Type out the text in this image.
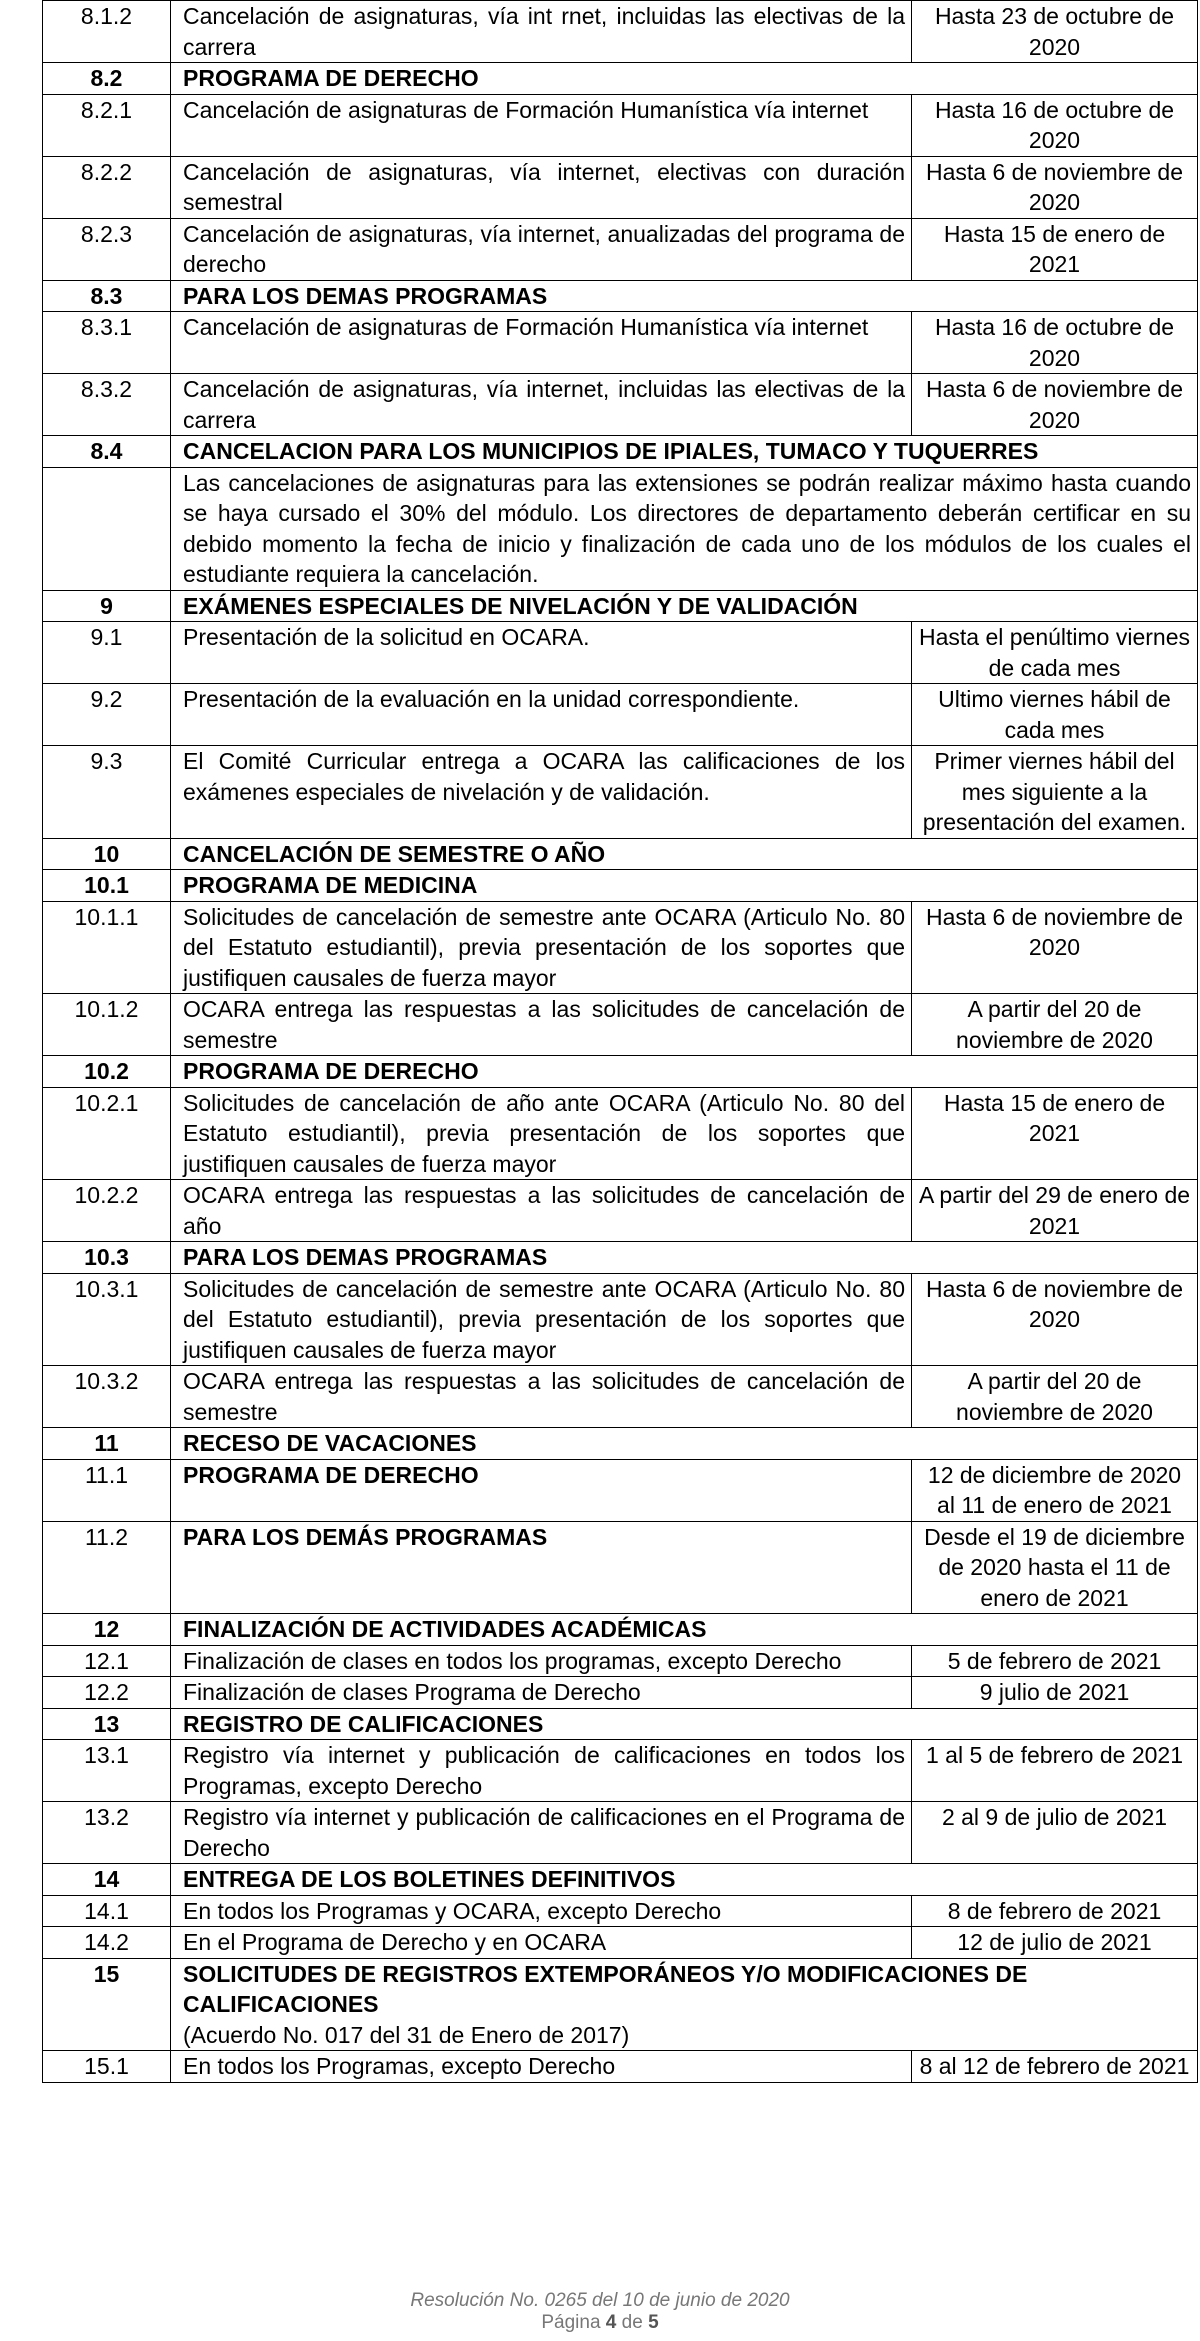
8.1.2	Cancelación de asignaturas, vía int rnet, incluidas las electivas de la carrera	Hasta 23 de octubre de 2020
8.2	PROGRAMA DE DERECHO	
8.2.1	Cancelación de asignaturas de Formación Humanística vía internet	Hasta 16 de octubre de 2020
8.2.2	Cancelación de asignaturas, vía internet, electivas con duración semestral	Hasta 6 de noviembre de 2020
8.2.3	Cancelación de asignaturas, vía internet, anualizadas del programa de derecho	Hasta 15 de enero de 2021
8.3	PARA LOS DEMAS PROGRAMAS	
8.3.1	Cancelación de asignaturas de Formación Humanística vía internet	Hasta 16 de octubre de 2020
8.3.2	Cancelación de asignaturas, vía internet, incluidas las electivas de la carrera	Hasta 6 de noviembre de 2020
8.4	CANCELACION PARA LOS MUNICIPIOS DE IPIALES, TUMACO Y TUQUERRES	
	Las cancelaciones de asignaturas para las extensiones se podrán realizar máximo hasta cuando se haya cursado el 30% del módulo. Los directores de departamento deberán certificar en su debido momento la fecha de inicio y finalización de cada uno de los módulos de los cuales el estudiante requiera la cancelación.	
9	EXÁMENES ESPECIALES DE NIVELACIÓN Y DE VALIDACIÓN	
9.1	Presentación de la solicitud en OCARA.	Hasta el penúltimo viernes de cada mes
9.2	Presentación de la evaluación en la unidad correspondiente.	Ultimo viernes hábil de cada mes
9.3	El Comité Curricular entrega a OCARA las calificaciones de los exámenes especiales de nivelación y de validación.	Primer viernes hábil del mes siguiente a la presentación del examen.
10	CANCELACIÓN DE SEMESTRE O AÑO	
10.1	PROGRAMA DE MEDICINA	
10.1.1	Solicitudes de cancelación de semestre ante OCARA (Articulo No. 80 del Estatuto estudiantil), previa presentación de los soportes que justifiquen causales de fuerza mayor	Hasta 6 de noviembre de 2020
10.1.2	OCARA entrega las respuestas a las solicitudes de cancelación de semestre	A partir del 20 de noviembre de 2020
10.2	PROGRAMA DE DERECHO	
10.2.1	Solicitudes de cancelación de año ante OCARA (Articulo No. 80 del Estatuto estudiantil), previa presentación de los soportes que justifiquen causales de fuerza mayor	Hasta 15 de enero de 2021
10.2.2	OCARA entrega las respuestas a las solicitudes de cancelación de año	A partir del 29 de enero de 2021
10.3	PARA LOS DEMAS PROGRAMAS	
10.3.1	Solicitudes de cancelación de semestre ante OCARA (Articulo No. 80 del Estatuto estudiantil), previa presentación de los soportes que justifiquen causales de fuerza mayor	Hasta 6 de noviembre de 2020
10.3.2	OCARA entrega las respuestas a las solicitudes de cancelación de semestre	A partir del 20 de noviembre de 2020
11	RECESO DE VACACIONES	
11.1	PROGRAMA DE DERECHO	12 de diciembre de 2020 al 11 de enero de 2021
11.2	PARA LOS DEMÁS PROGRAMAS	Desde el 19 de diciembre de 2020 hasta el 11 de enero de 2021
12	FINALIZACIÓN DE ACTIVIDADES ACADÉMICAS	
12.1	Finalización de clases en todos los programas, excepto Derecho	5 de febrero de 2021
12.2	Finalización de clases Programa de Derecho	9 julio de 2021
13	REGISTRO DE CALIFICACIONES	
13.1	Registro vía internet y publicación de calificaciones en todos los Programas, excepto Derecho	1 al 5 de febrero de 2021
13.2	Registro vía internet y publicación de calificaciones en el Programa de Derecho	2 al 9 de julio de 2021
14	ENTREGA DE LOS BOLETINES DEFINITIVOS	
14.1	En todos los Programas y OCARA, excepto Derecho	8 de febrero de 2021
14.2	En el Programa de Derecho y en OCARA	12 de julio de 2021
15	SOLICITUDES DE REGISTROS EXTEMPORÁNEOS Y/O MODIFICACIONES DE CALIFICACIONES
(Acuerdo No. 017 del 31 de Enero de 2017)	

15.1	En todos los Programas, excepto Derecho	8 al 12 de febrero de 2021
Resolución No. 0265 del 10 de junio de 2020
Página 4 de 5
